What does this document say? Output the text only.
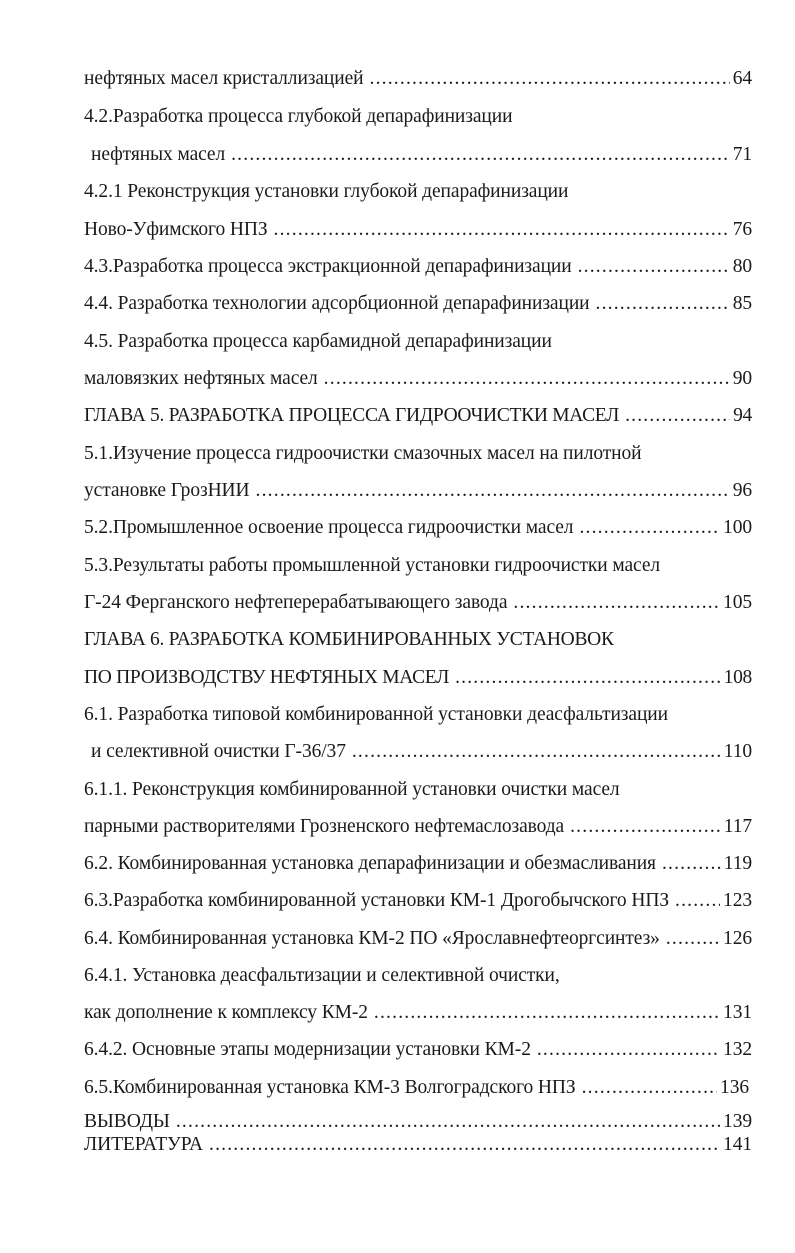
нефтяных масел кристаллизацией .....	64
4.2.Разработка процесса глубокой депарафинизации
нефтяных масел .....	71
4.2.1 Реконструкция установки глубокой депарафинизации
Ново-Уфимского НПЗ .....	76
4.3.Разработка процесса экстракционной депарафинизации .....	80
4.4. Разработка технологии адсорбционной депарафинизации .....	85
4.5. Разработка процесса карбамидной депарафинизации
маловязких нефтяных масел .....	90
ГЛАВА 5. РАЗРАБОТКА ПРОЦЕССА ГИДРООЧИСТКИ МАСЕЛ .....	94
5.1.Изучение процесса гидроочистки смазочных масел на пилотной
установке ГрозНИИ .....	96
5.2.Промышленное освоение процесса гидроочистки масел .....	100
5.3.Результаты работы промышленной установки гидроочистки масел
Г-24 Ферганского нефтеперерабатывающего завода .....	105
ГЛАВА 6. РАЗРАБОТКА КОМБИНИРОВАННЫХ УСТАНОВОК
ПО ПРОИЗВОДСТВУ НЕФТЯНЫХ МАСЕЛ .....	108
6.1. Разработка типовой комбинированной установки деасфальтизации
и селективной очистки Г-36/37 .....	110
6.1.1. Реконструкция комбинированной установки очистки масел
парными растворителями Грозненского нефтемаслозавода .....	117
6.2. Комбинированная установка депарафинизации и обезмасливания .....	119
6.3.Разработка комбинированной установки КМ-1 Дрогобычского НПЗ .....	123
6.4. Комбинированная установка КМ-2 ПО «Ярославнефтеоргсинтез» .....	126
6.4.1. Установка деасфальтизации и селективной очистки,
как дополнение к комплексу КМ-2 .....	131
6.4.2. Основные этапы модернизации установки КМ-2 .....	132
6.5.Комбинированная установка КМ-3 Волгоградского НПЗ .....	136
ВЫВОДЫ .....	139
ЛИТЕРАТУРА .....	141
